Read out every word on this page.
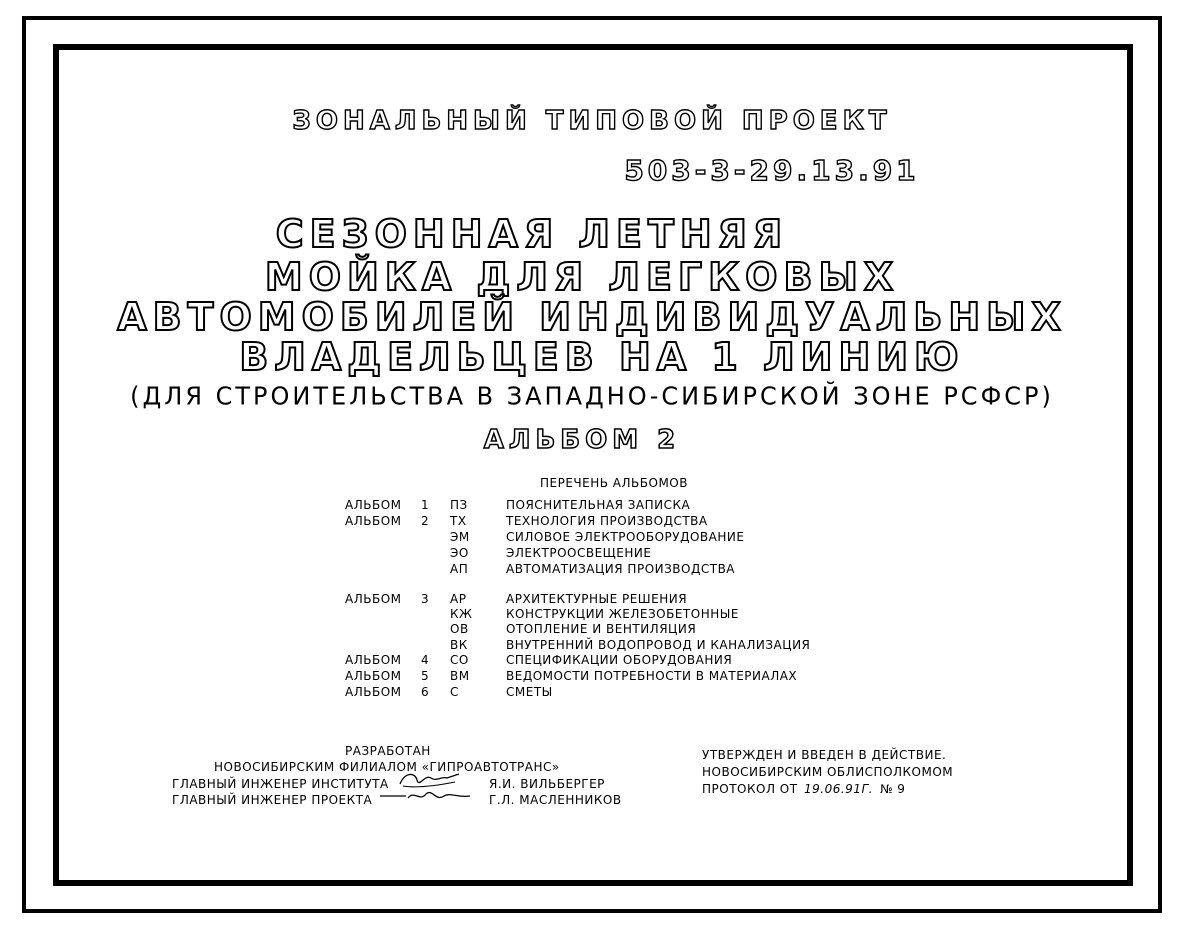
ЗОНАЛЬНЫЙ ТИПОВОЙ ПРОЕКТ
503-3-29.13.91
СЕЗОННАЯ ЛЕТНЯЯ
МОЙКА ДЛЯ ЛЕГКОВЫХ
АВТОМОБИЛЕЙ ИНДИВИДУАЛЬНЫХ
ВЛАДЕЛЬЦЕВ НА 1 ЛИНИЮ
(ДЛЯ СТРОИТЕЛЬСТВА В ЗАПАДНО-СИБИРСКОЙ ЗОНЕ РСФСР)
АЛЬБОМ 2
ПЕРЕЧЕНЬ АЛЬБОМОВ
АЛЬБОМ 1 ПЗ	ПОЯСНИТЕЛЬНАЯ ЗАПИСКА
АЛЬБОМ 2 ТХ	ТЕХНОЛОГИЯ ПРОИЗВОДСТВА
ЭМ	СИЛОВОЕ ЭЛЕКТРООБОРУДОВАНИЕ
ЭО	ЭЛЕКТРООСВЕЩЕНИЕ
АП	АВТОМАТИЗАЦИЯ ПРОИЗВОДСТВА
АЛЬБОМ 3 АР	АРХИТЕКТУРНЫЕ РЕШЕНИЯ
КЖ	КОНСТРУКЦИИ ЖЕЛЕЗОБЕТОННЫЕ
ОВ	ОТОПЛЕНИЕ И ВЕНТИЛЯЦИЯ
ВК	ВНУТРЕННИЙ ВОДОПРОВОД И КАНАЛИЗАЦИЯ
АЛЬБОМ 4 СО	СПЕЦИФИКАЦИИ ОБОРУДОВАНИЯ
АЛЬБОМ 5 ВМ	ВЕДОМОСТИ ПОТРЕБНОСТИ В МАТЕРИАЛАХ
АЛЬБОМ 6 С	СМЕТЫ
РАЗРАБОТАН
НОВОСИБИРСКИМ ФИЛИАЛОМ «ГИПРОАВТОТРАНС»
ГЛАВНЫЙ ИНЖЕНЕР ИНСТИТУТА
ГЛАВНЫЙ ИНЖЕНЕР ПРОЕКТА
Я.И. ВИЛЬБЕРГЕР
Г.Л. МАСЛЕННИКОВ
УТВЕРЖДЕН И ВВЕДЕН В ДЕЙСТВИЕ.
НОВОСИБИРСКИМ ОБЛИСПОЛКОМОМ
ПРОТОКОЛ ОТ 19.06.91Г. № 9
